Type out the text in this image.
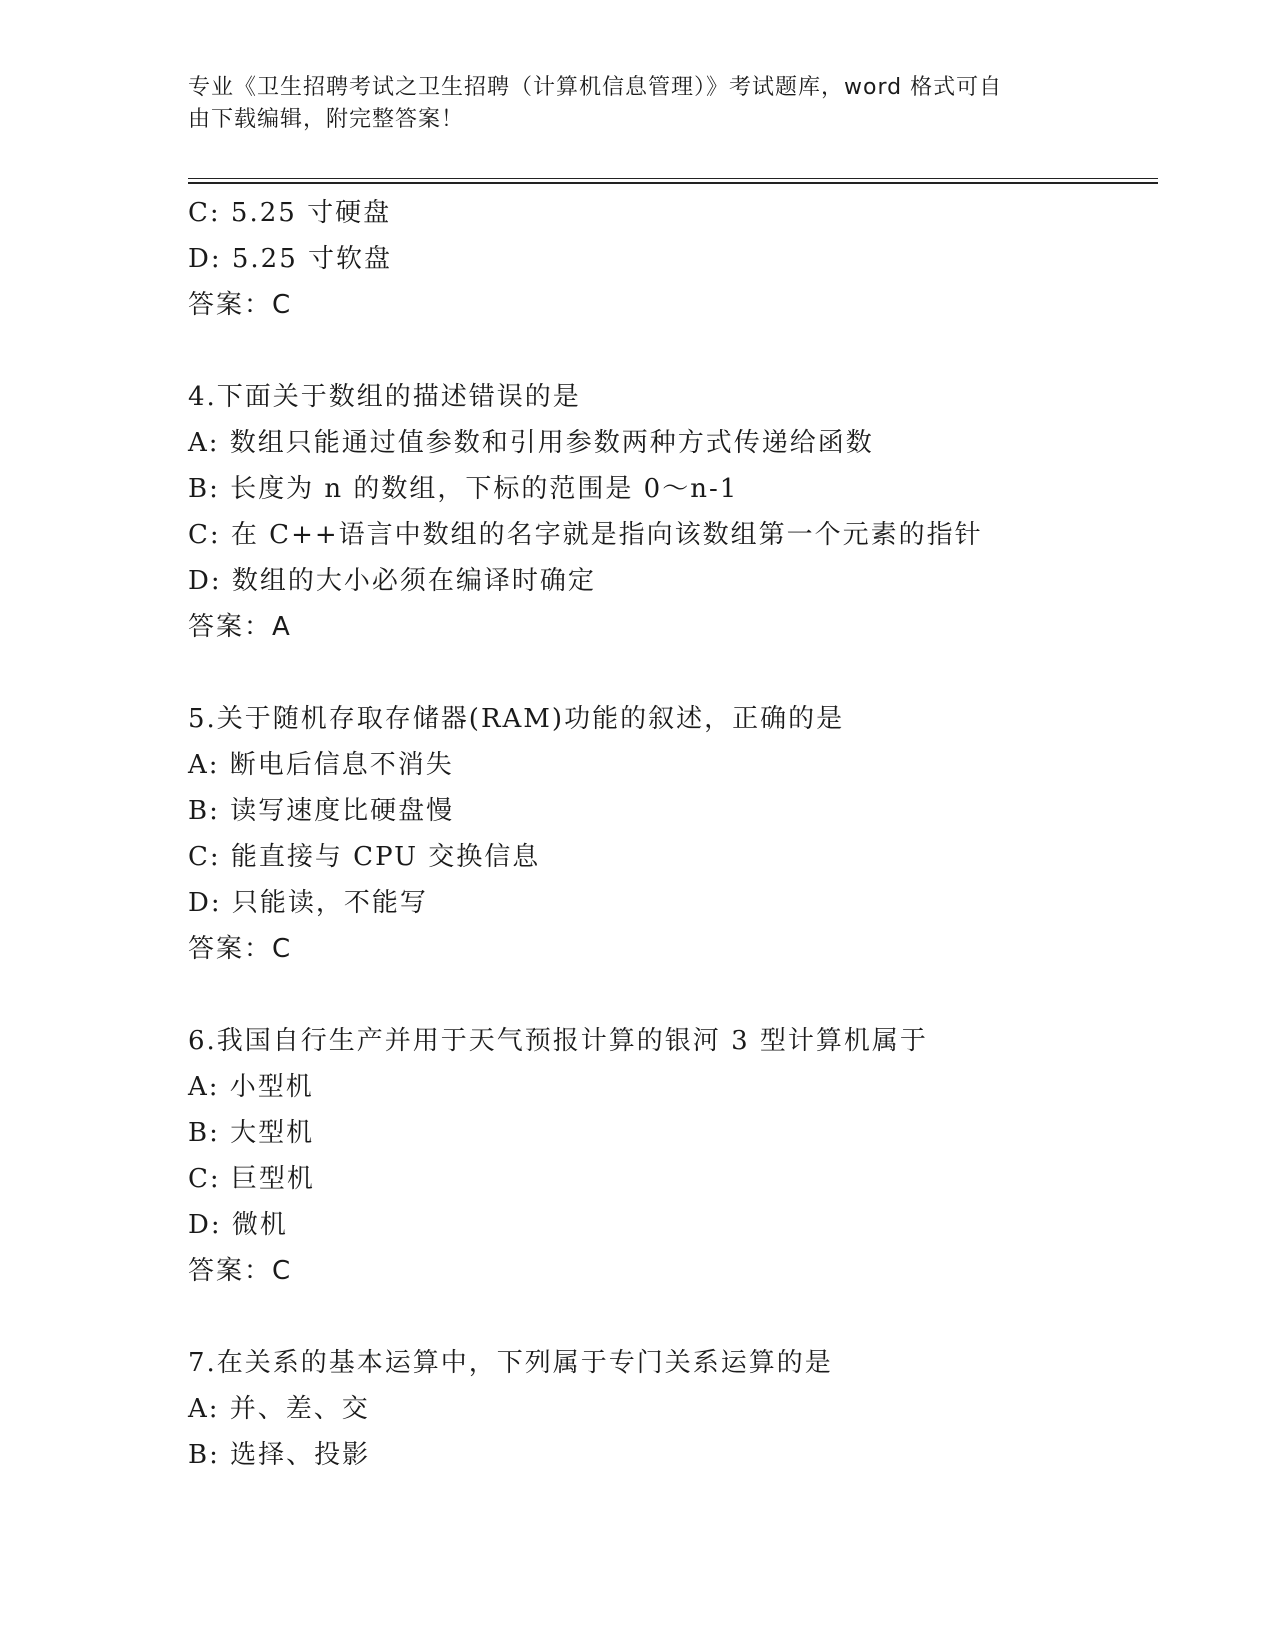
专业《卫生招聘考试之卫生招聘（计算机信息管理）》考试题库，word 格式可自
由下载编辑，附完整答案！
C: 5.25 寸硬盘
D: 5.25 寸软盘
答案：C
4.下面关于数组的描述错误的是
A: 数组只能通过值参数和引用参数两种方式传递给函数
B: 长度为 n 的数组，下标的范围是 0～n-1
C: 在 C++语言中数组的名字就是指向该数组第一个元素的指针
D: 数组的大小必须在编译时确定
答案：A
5.关于随机存取存储器(RAM)功能的叙述，正确的是
A: 断电后信息不消失
B: 读写速度比硬盘慢
C: 能直接与 CPU 交换信息
D: 只能读，不能写
答案：C
6.我国自行生产并用于天气预报计算的银河 3 型计算机属于
A: 小型机
B: 大型机
C: 巨型机
D: 微机
答案：C
7.在关系的基本运算中，下列属于专门关系运算的是
A: 并、差、交
B: 选择、投影
